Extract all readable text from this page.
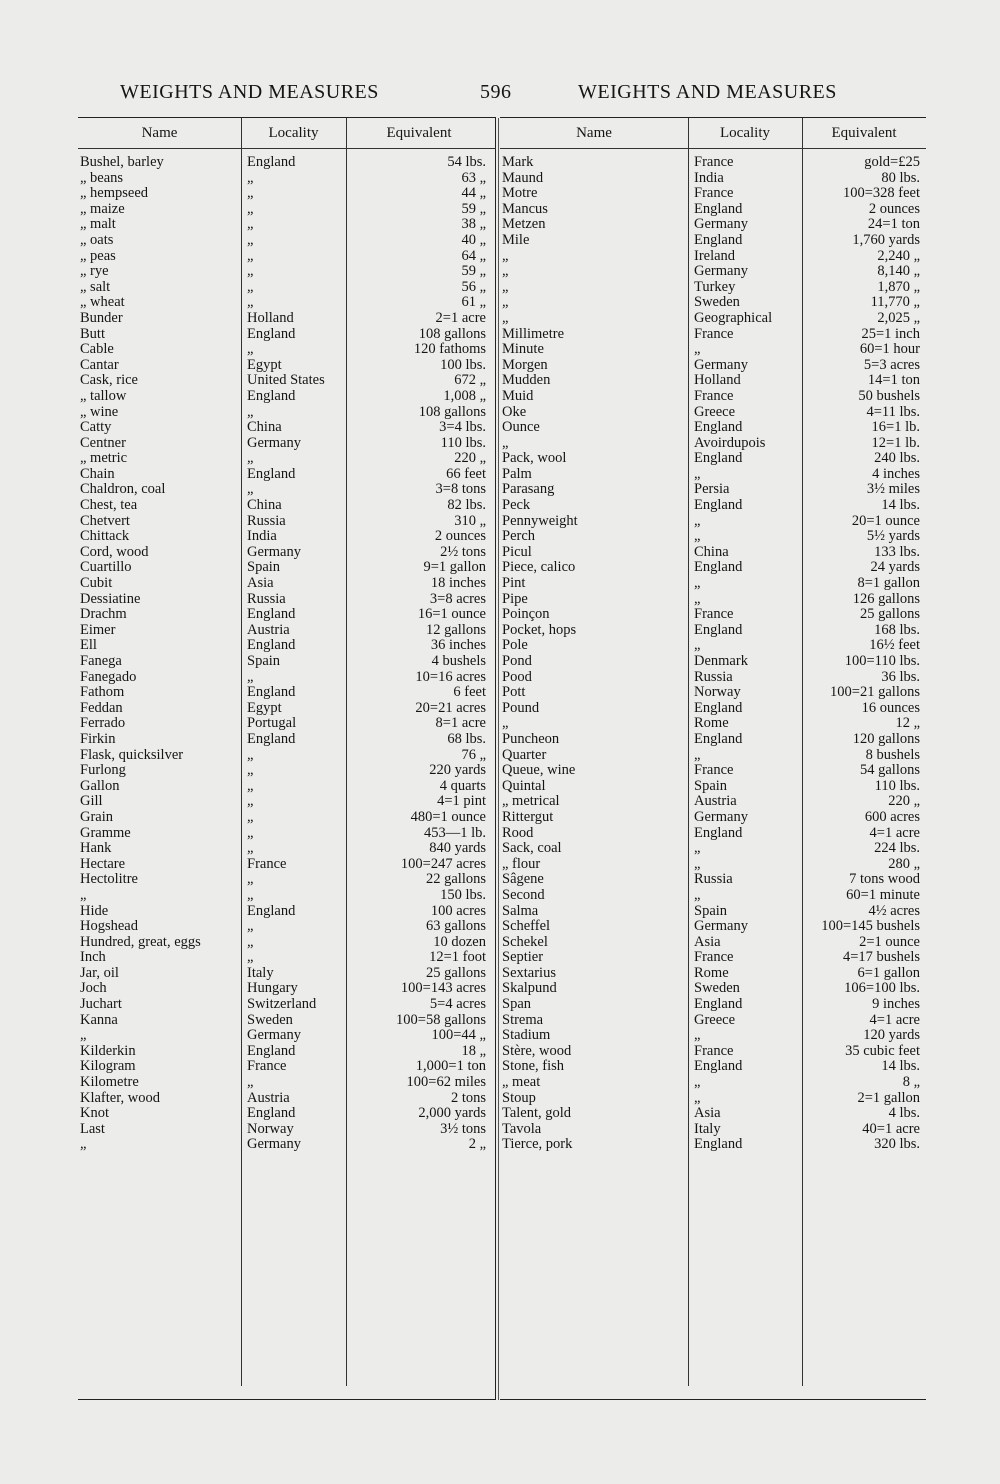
WEIGHTS AND MEASURES	596	WEIGHTS AND MEASURES
Name	Locality	Equivalent
Bushel, barley	England	54 lbs.
„ beans	„	63 „
„ hempseed	„	44 „
„ maize	„	59 „
„ malt	„	38 „
„ oats	„	40 „
„ peas	„	64 „
„ rye	„	59 „
„ salt	„	56 „
„ wheat	„	61 „
Bunder	Holland	2=1 acre
Butt	England	108 gallons
Cable	„	120 fathoms
Cantar	Egypt	100 lbs.
Cask, rice	United States	672 „
„ tallow	England	1,008 „
„ wine	„	108 gallons
Catty	China	3=4 lbs.
Centner	Germany	110 lbs.
„ metric	„	220 „
Chain	England	66 feet
Chaldron, coal	„	3=8 tons
Chest, tea	China	82 lbs.
Chetvert	Russia	310 „
Chittack	India	2 ounces
Cord, wood	Germany	2½ tons
Cuartillo	Spain	9=1 gallon
Cubit	Asia	18 inches
Dessiatine	Russia	3=8 acres
Drachm	England	16=1 ounce
Eimer	Austria	12 gallons
Ell	England	36 inches
Fanega	Spain	4 bushels
Fanegado	„	10=16 acres
Fathom	England	6 feet
Feddan	Egypt	20=21 acres
Ferrado	Portugal	8=1 acre
Firkin	England	68 lbs.
Flask, quicksilver	„	76 „
Furlong	„	220 yards
Gallon	„	4 quarts
Gill	„	4=1 pint
Grain	„	480=1 ounce
Gramme	„	453—1 lb.
Hank	„	840 yards
Hectare	France	100=247 acres
Hectolitre	„	22 gallons
„	„	150 lbs.
Hide	England	100 acres
Hogshead	„	63 gallons
Hundred, great, eggs	„	10 dozen
Inch	„	12=1 foot
Jar, oil	Italy	25 gallons
Joch	Hungary	100=143 acres
Juchart	Switzerland	5=4 acres
Kanna	Sweden	100=58 gallons
„	Germany	100=44 „
Kilderkin	England	18 „
Kilogram	France	1,000=1 ton
Kilometre	„	100=62 miles
Klafter, wood	Austria	2 tons
Knot	England	2,000 yards
Last	Norway	3½ tons
„	Germany	2 „
Name	Locality	Equivalent
Mark	France	gold=£25
Maund	India	80 lbs.
Motre	France	100=328 feet
Mancus	England	2 ounces
Metzen	Germany	24=1 ton
Mile	England	1,760 yards
„	Ireland	2,240 „
„	Germany	8,140 „
„	Turkey	1,870 „
„	Sweden	11,770 „
„	Geographical	2,025 „
Millimetre	France	25=1 inch
Minute	„	60=1 hour
Morgen	Germany	5=3 acres
Mudden	Holland	14=1 ton
Muid	France	50 bushels
Oke	Greece	4=11 lbs.
Ounce	England	16=1 lb.
„	Avoirdupois	12=1 lb.
Pack, wool	England	240 lbs.
Palm	„	4 inches
Parasang	Persia	3½ miles
Peck	England	14 lbs.
Pennyweight	„	20=1 ounce
Perch	„	5½ yards
Picul	China	133 lbs.
Piece, calico	England	24 yards
Pint	„	8=1 gallon
Pipe	„	126 gallons
Poinçon	France	25 gallons
Pocket, hops	England	168 lbs.
Pole	„	16½ feet
Pond	Denmark	100=110 lbs.
Pood	Russia	36 lbs.
Pott	Norway	100=21 gallons
Pound	England	16 ounces
„	Rome	12 „
Puncheon	England	120 gallons
Quarter	„	8 bushels
Queue, wine	France	54 gallons
Quintal	Spain	110 lbs.
„ metrical	Austria	220 „
Rittergut	Germany	600 acres
Rood	England	4=1 acre
Sack, coal	„	224 lbs.
„ flour	„	280 „
Sâgene	Russia	7 tons wood
Second	„	60=1 minute
Salma	Spain	4½ acres
Scheffel	Germany	100=145 bushels
Schekel	Asia	2=1 ounce
Septier	France	4=17 bushels
Sextarius	Rome	6=1 gallon
Skalpund	Sweden	106=100 lbs.
Span	England	9 inches
Strema	Greece	4=1 acre
Stadium	„	120 yards
Stère, wood	France	35 cubic feet
Stone, fish	England	14 lbs.
„ meat	„	8 „
Stoup	„	2=1 gallon
Talent, gold	Asia	4 lbs.
Tavola	Italy	40=1 acre
Tierce, pork	England	320 lbs.
